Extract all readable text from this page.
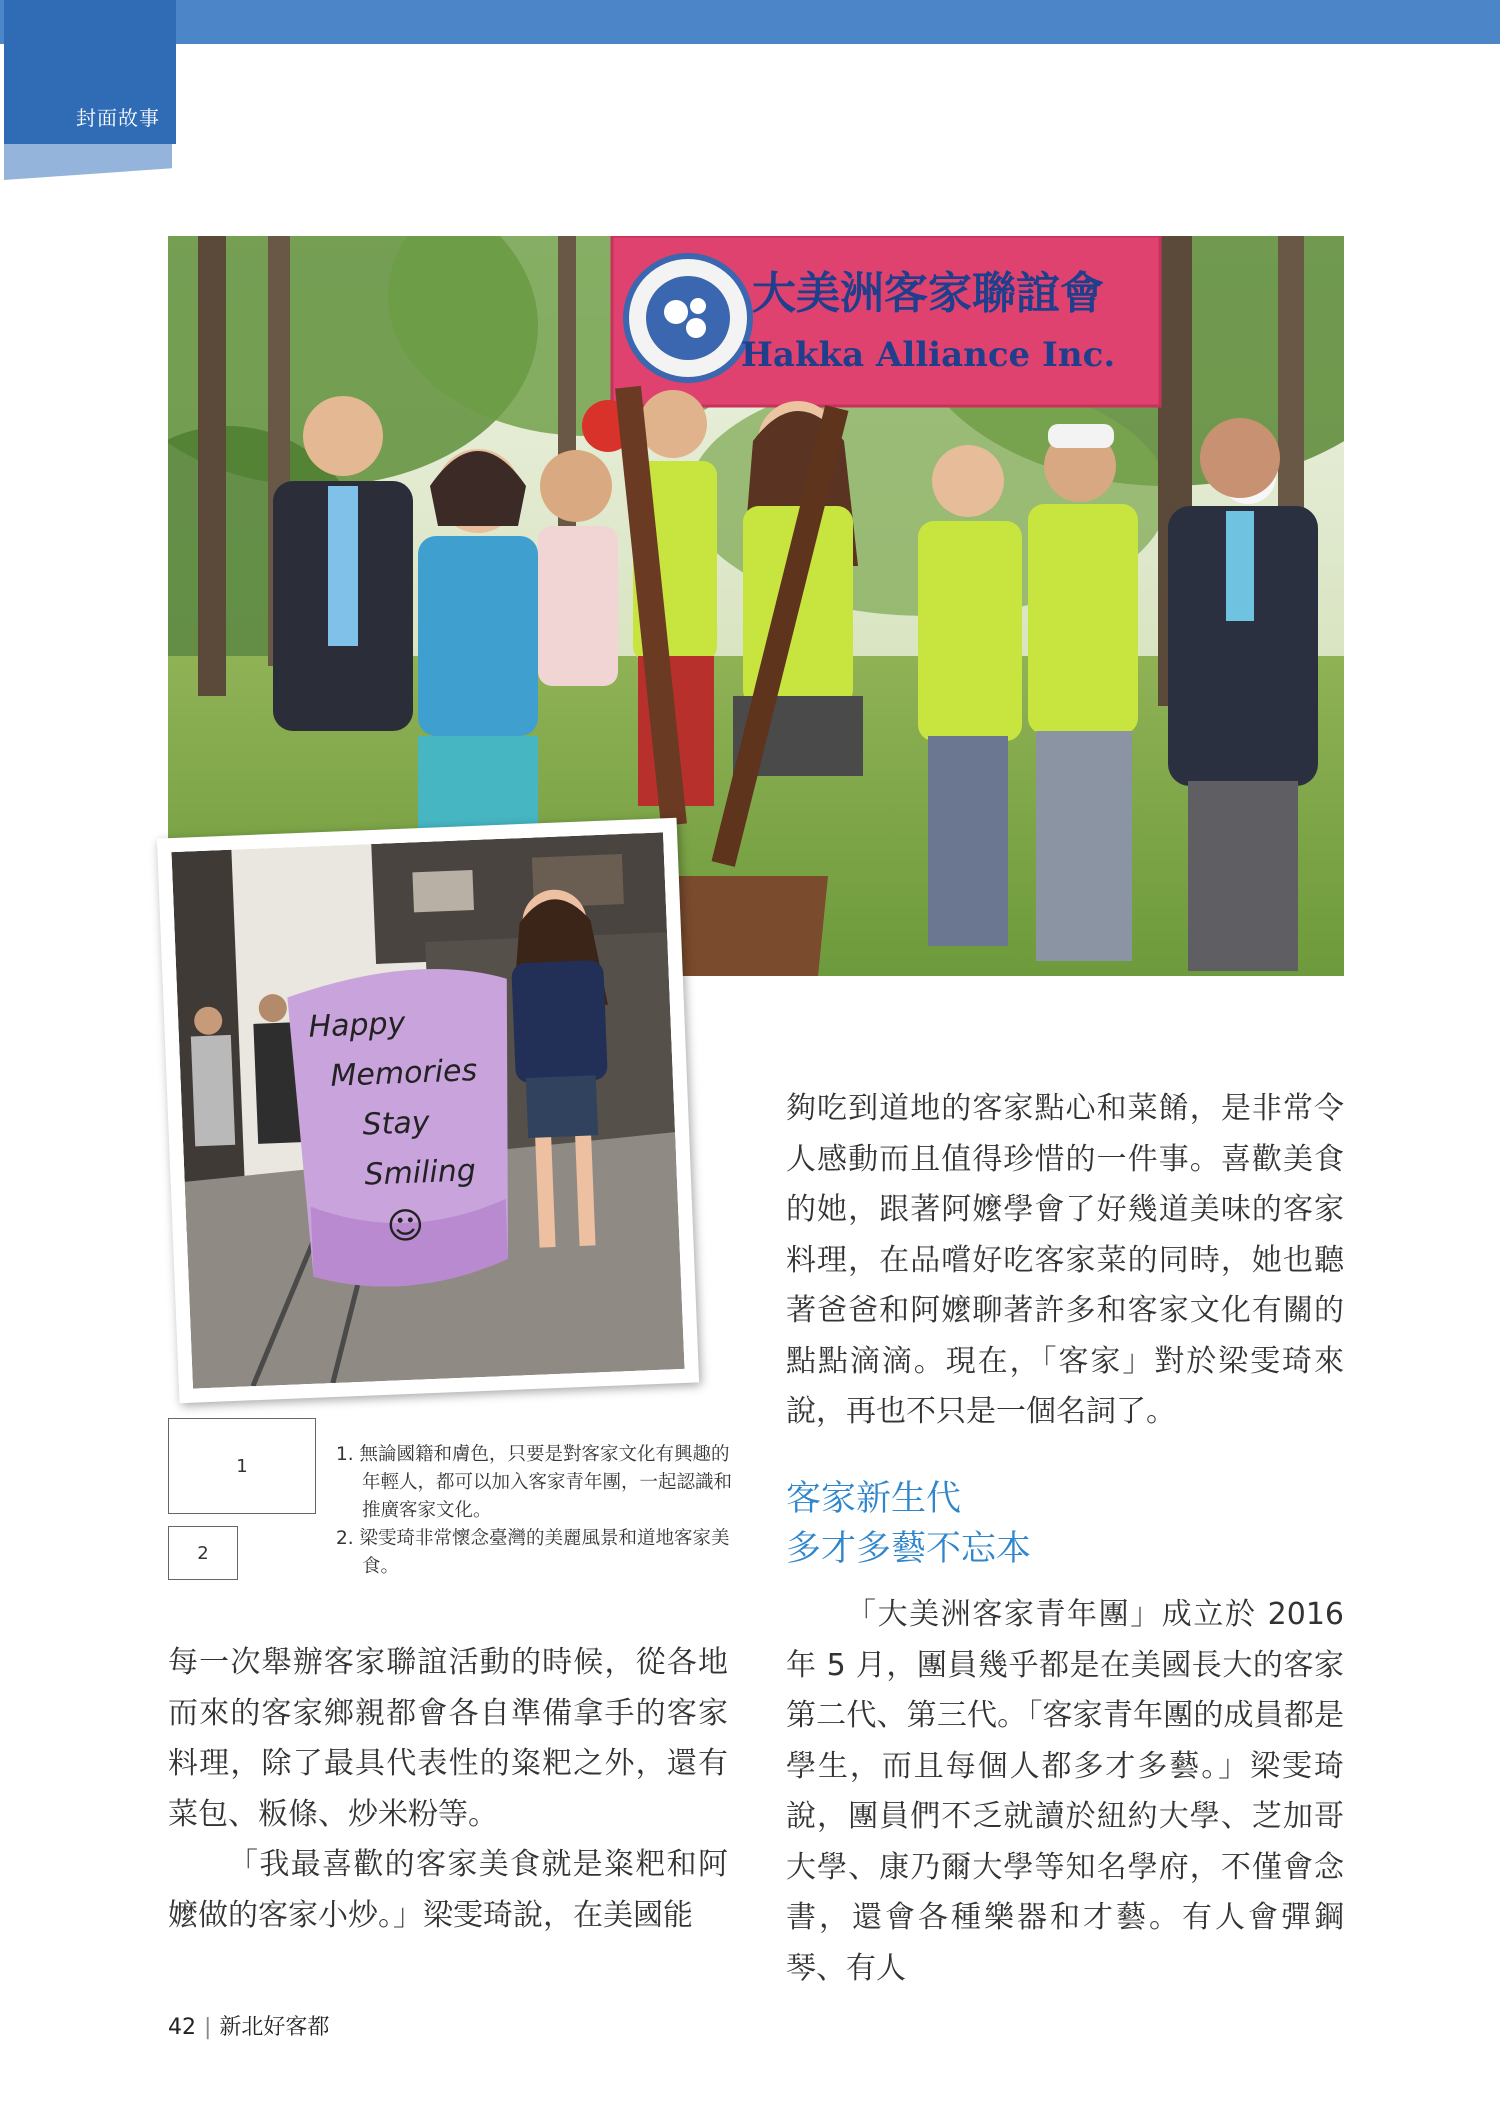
封面故事
大美洲客家聯誼會
Hakka Alliance Inc.
Happy
Memories
Stay
Smiling
☺
1
2
1. 無論國籍和膚色，只要是對客家文化有興趣的年輕人，都可以加入客家青年團，一起認識和推廣客家文化。
2. 梁雯琦非常懷念臺灣的美麗風景和道地客家美食。
每一次舉辦客家聯誼活動的時候，從各地而來的客家鄉親都會各自準備拿手的客家料理，除了最具代表性的粢粑之外，還有菜包、粄條、炒米粉等。
「我最喜歡的客家美食就是粢粑和阿嬤做的客家小炒。」梁雯琦說，在美國能
夠吃到道地的客家點心和菜餚，是非常令人感動而且值得珍惜的一件事。喜歡美食的她，跟著阿嬤學會了好幾道美味的客家料理，在品嚐好吃客家菜的同時，她也聽著爸爸和阿嬤聊著許多和客家文化有關的點點滴滴。現在，「客家」對於梁雯琦來說，再也不只是一個名詞了。
客家新生代
多才多藝不忘本
「大美洲客家青年團」成立於 2016 年 5 月，團員幾乎都是在美國長大的客家第二代、第三代。「客家青年團的成員都是學生，而且每個人都多才多藝。」梁雯琦說，團員們不乏就讀於紐約大學、芝加哥大學、康乃爾大學等知名學府，不僅會念書，還會各種樂器和才藝。有人會彈鋼琴、有人
42 | 新北好客都
